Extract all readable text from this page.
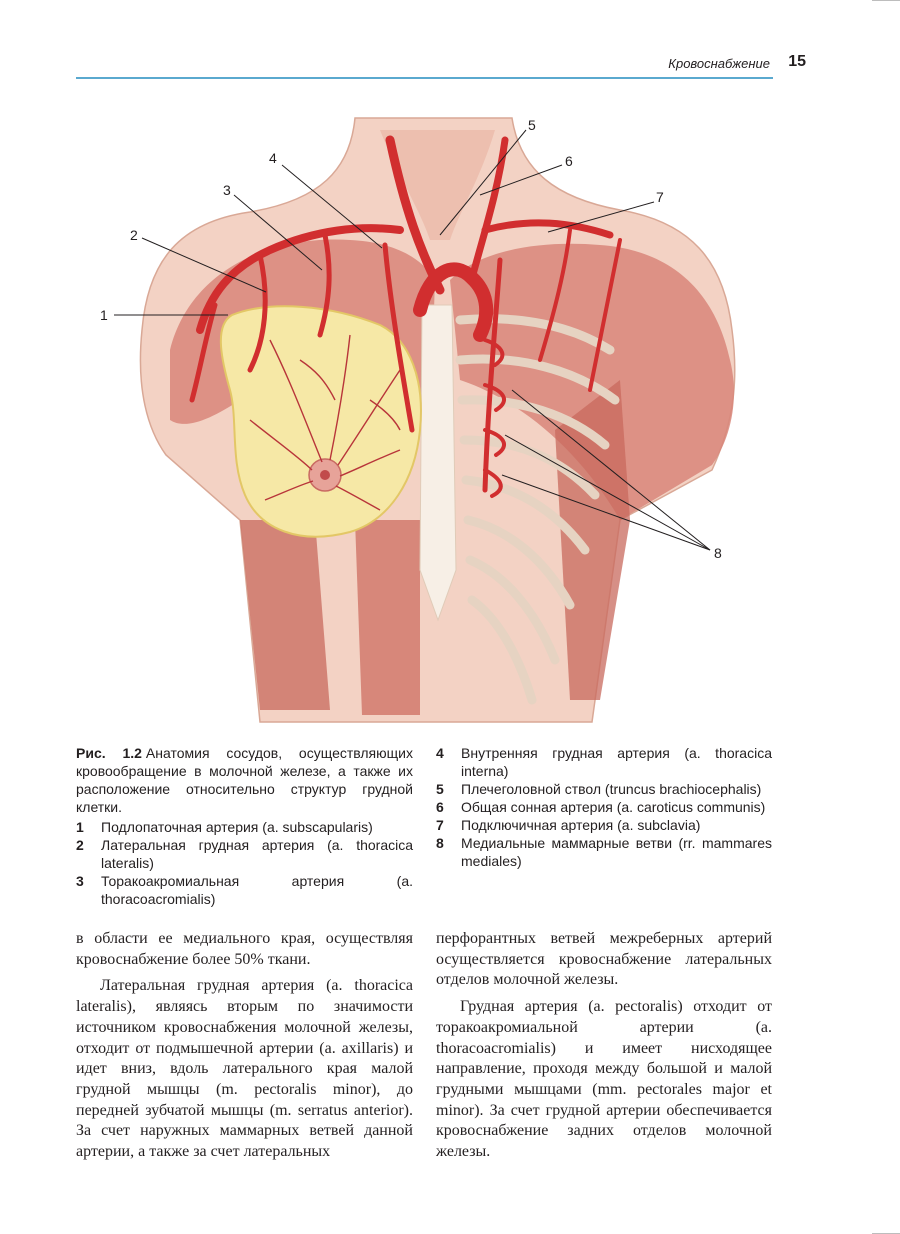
Кровоснабжение 15
1
2
3
4
5
6
7
8

Рис. 1.2 Анатомия сосудов, осуществляющих кровообращение в молочной железе, а также их расположение относительно структур грудной клетки.

1 Подлопаточная артерия (a. subscapularis)

2 Латеральная грудная артерия (a. thoracica lateralis)

3 Торакоакромиальная артерия (a. thoracoacromialis)

4 Внутренняя грудная артерия (a. thoracica interna)

5 Плечеголовной ствол (truncus brachiocephalis)

6 Общая сонная артерия (a. caroticus communis)

7 Подключичная артерия (a. subclavia)

8 Медиальные маммарные ветви (rr. mammares mediales)

в области ее медиального края, осуществляя кровоснабжение более 50% ткани.

Латеральная грудная артерия (a. thoracica lateralis), являясь вторым по значимости источником кровоснабжения молочной железы, отходит от подмышечной артерии (a. axillaris) и идет вниз, вдоль латерального края малой грудной мышцы (m. pectoralis minor), до передней зубчатой мышцы (m. serratus anterior). За счет наружных маммарных ветвей данной артерии, а также за счет латеральных

перфорантных ветвей межреберных артерий осуществляется кровоснабжение латеральных отделов молочной железы.

Грудная артерия (a. pectoralis) отходит от торакоакромиальной артерии (a. thoracoacromialis) и имеет нисходящее направление, проходя между большой и малой грудными мышцами (mm. pectorales major et minor). За счет грудной артерии обеспечивается кровоснабжение задних отделов молочной железы.
